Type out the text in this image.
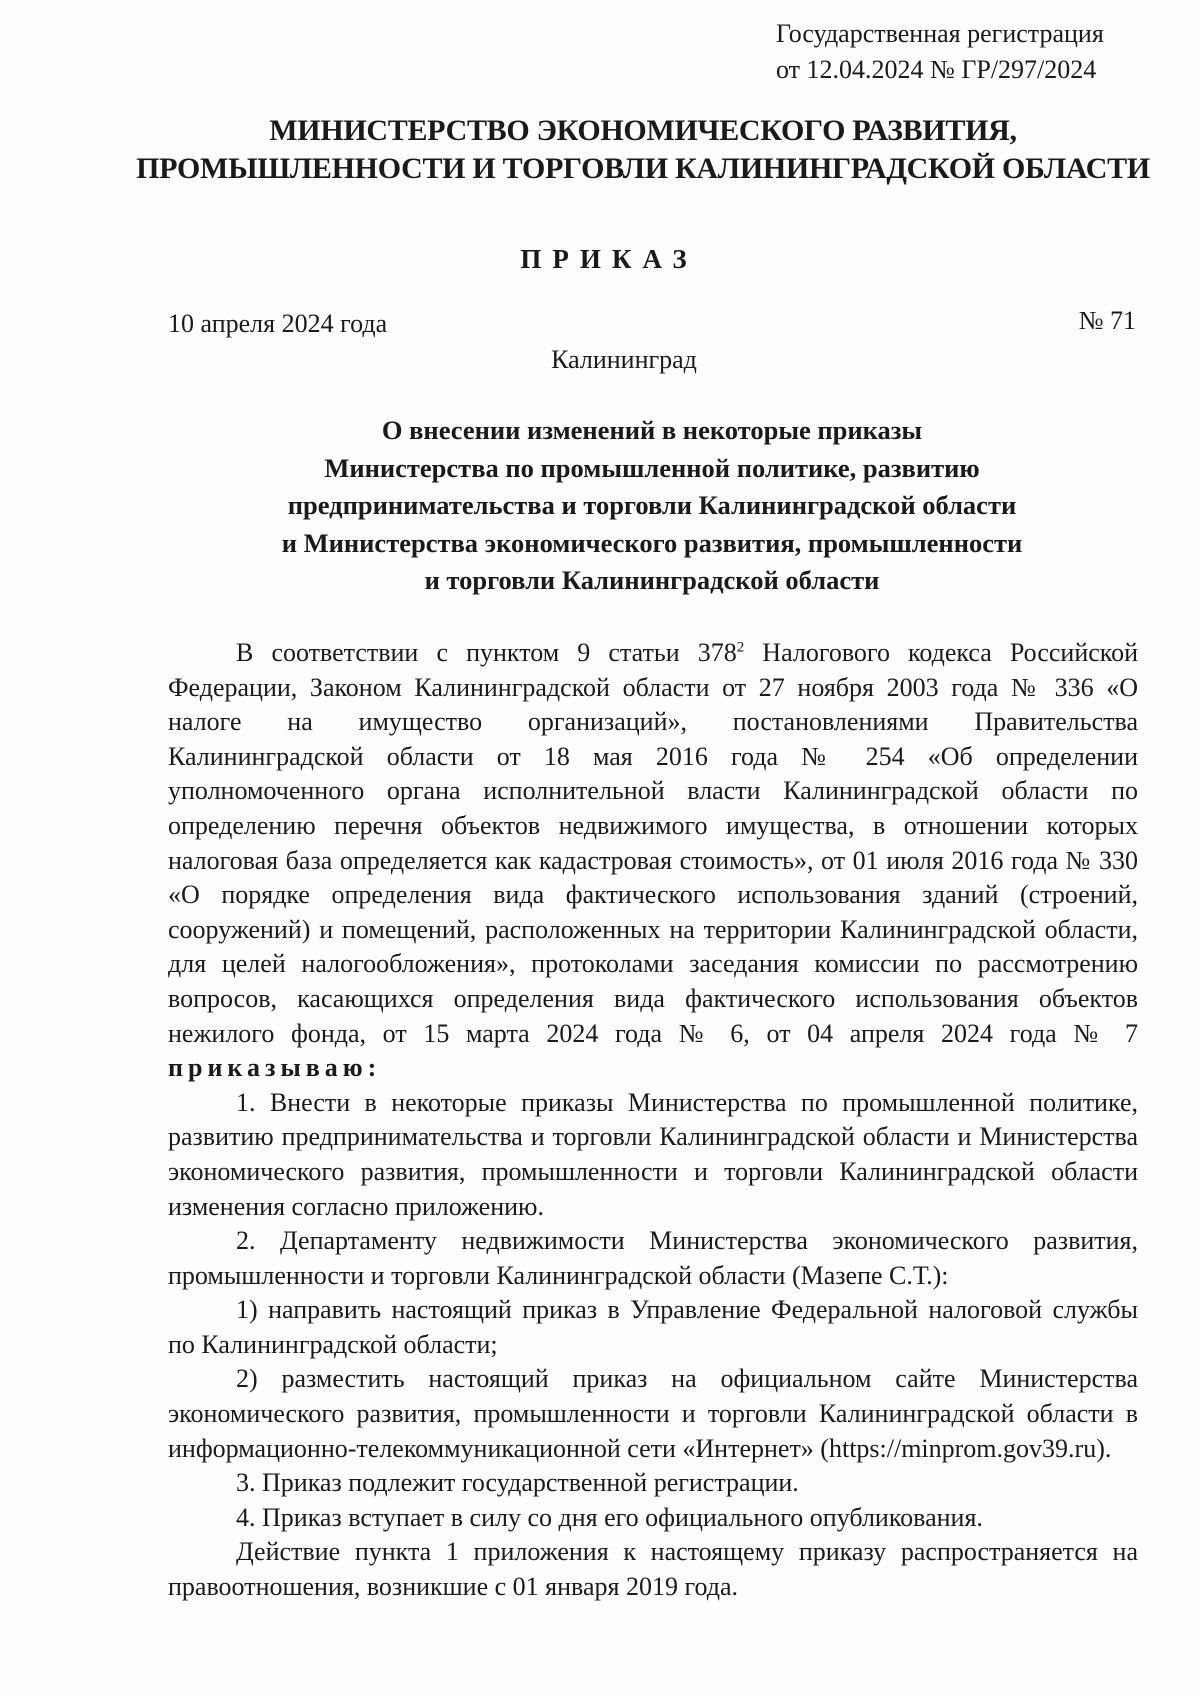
Государственная регистрация
от 12.04.2024 № ГР/297/2024
МИНИСТЕРСТВО ЭКОНОМИЧЕСКОГО РАЗВИТИЯ,
ПРОМЫШЛЕННОСТИ И ТОРГОВЛИ КАЛИНИНГРАДСКОЙ ОБЛАСТИ
ПРИКАЗ
10 апреля 2024 года	№ 71
Калининград
О внесении изменений в некоторые приказы
Министерства по промышленной политике, развитию
предпринимательства и торговли Калининградской области
и Министерства экономического развития, промышленности
и торговли Калининградской области

В соответствии с пунктом 9 статьи $378^2$ Налогового кодекса Российской Федерации, Законом Калининградской области от 27 ноября 2003 года № 336 «О налоге на имущество организаций», постановлениями Правительства Калининградской области от 18 мая 2016 года № 254 «Об определении уполномоченного органа исполнительной власти Калининградской области по определению перечня объектов недвижимого имущества, в отношении которых налоговая база определяется как кадастровая стоимость», от 01 июля 2016 года № 330 «О порядке определения вида фактического использования зданий (строений, сооружений) и помещений, расположенных на территории Калининградской области, для целей налогообложения», протоколами заседания комиссии по рассмотрению вопросов, касающихся определения вида фактического использования объектов нежилого фонда, от 15 марта 2024 года № 6, от 04 апреля 2024 года № 7 приказываю:

1. Внести в некоторые приказы Министерства по промышленной политике, развитию предпринимательства и торговли Калининградской области и Министерства экономического развития, промышленности и торговли Калининградской области изменения согласно приложению.

2. Департаменту недвижимости Министерства экономического развития, промышленности и торговли Калининградской области (Мазепе С.Т.):

1) направить настоящий приказ в Управление Федеральной налоговой службы по Калининградской области;

2) разместить настоящий приказ на официальном сайте Министерства экономического развития, промышленности и торговли Калининградской области в информационно-телекоммуникационной сети «Интернет» (https://minprom.gov39.ru).

3. Приказ подлежит государственной регистрации.

4. Приказ вступает в силу со дня его официального опубликования.

Действие пункта 1 приложения к настоящему приказу распространяется на правоотношения, возникшие с 01 января 2019 года.
